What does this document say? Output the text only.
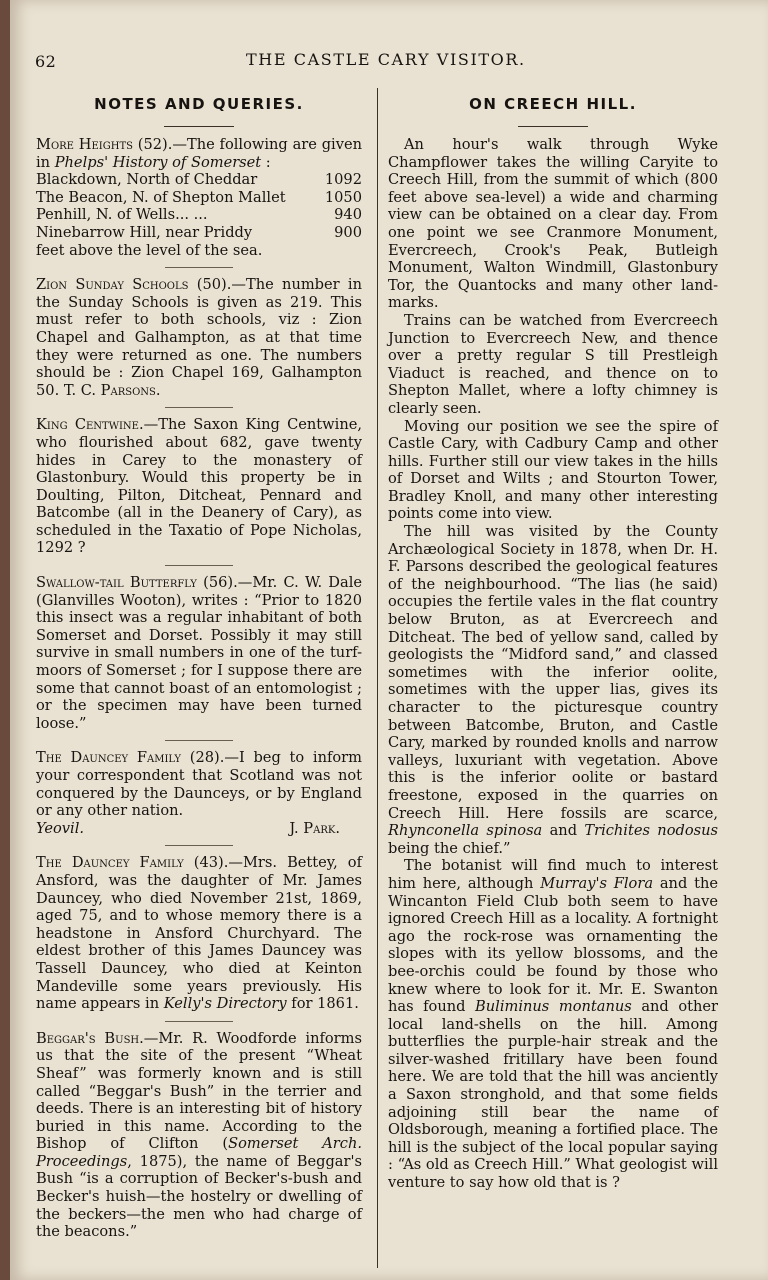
62	THE CASTLE CARY VISITOR.
NOTES AND QUERIES.

More Heights (52).—The following are given in Phelps' History of Somerset :

Blackdown, North of Cheddar	1092
The Beacon, N. of Shepton Mallet	1050
Penhill, N. of Wells... ...	940
Ninebarrow Hill, near Priddy	900

feet above the level of the sea.

Zion Sunday Schools (50).—The number in the Sunday Schools is given as 219. This must refer to both schools, viz : Zion Chapel and Galhampton, as at that time they were returned as one. The numbers should be : Zion Chapel 169, Galhampton 50. T. C. Parsons.

King Centwine.—The Saxon King Centwine, who flourished about 682, gave twenty hides in Carey to the monastery of Glastonbury. Would this property be in Doulting, Pilton, Ditcheat, Pennard and Batcombe (all in the Deanery of Cary), as scheduled in the Taxatio of Pope Nicholas, 1292 ?

Swallow-tail Butterfly (56).—Mr. C. W. Dale (Glanvilles Wooton), writes : “Prior to 1820 this insect was a regular inhabitant of both Somerset and Dorset. Possibly it may still survive in small numbers in one of the turf-moors of Somerset ; for I suppose there are some that cannot boast of an entomologist ; or the specimen may have been turned loose.”

The Dauncey Family (28).—I beg to inform your correspondent that Scotland was not conquered by the Daunceys, or by England or any other nation.

Yeovil.	J. Park.

The Dauncey Family (43).—Mrs. Bettey, of Ansford, was the daughter of Mr. James Dauncey, who died November 21st, 1869, aged 75, and to whose memory there is a headstone in Ansford Churchyard. The eldest brother of this James Dauncey was Tassell Dauncey, who died at Keinton Mandeville some years previously. His name appears in Kelly's Directory for 1861.

Beggar's Bush.—Mr. R. Woodforde informs us that the site of the present “Wheat Sheaf” was formerly known and is still called “Beggar's Bush” in the terrier and deeds. There is an interesting bit of history buried in this name. According to the Bishop of Clifton (Somerset Arch. Proceedings, 1875), the name of Beggar's Bush “is a corruption of Becker's-bush and Becker's huish—the hostelry or dwelling of the beckers—the men who had charge of the beacons.”

ON CREECH HILL.

An hour's walk through Wyke Champflower takes the willing Caryite to Creech Hill, from the summit of which (800 feet above sea-level) a wide and charming view can be obtained on a clear day. From one point we see Cranmore Monument, Evercreech, Crook's Peak, Butleigh Monument, Walton Windmill, Glastonbury Tor, the Quantocks and many other land-marks.

Trains can be watched from Evercreech Junction to Evercreech New, and thence over a pretty regular S till Prestleigh Viaduct is reached, and thence on to Shepton Mallet, where a lofty chimney is clearly seen.

Moving our position we see the spire of Castle Cary, with Cadbury Camp and other hills. Further still our view takes in the hills of Dorset and Wilts ; and Stourton Tower, Bradley Knoll, and many other interesting points come into view.

The hill was visited by the County Archæological Society in 1878, when Dr. H. F. Parsons described the geological features of the neighbourhood. “The lias (he said) occupies the fertile vales in the flat country below Bruton, as at Evercreech and Ditcheat. The bed of yellow sand, called by geologists the “Midford sand,” and classed sometimes with the inferior oolite, sometimes with the upper lias, gives its character to the picturesque country between Batcombe, Bruton, and Castle Cary, marked by rounded knolls and narrow valleys, luxuriant with vegetation. Above this is the inferior oolite or bastard freestone, exposed in the quarries on Creech Hill. Here fossils are scarce, Rhynconella spinosa and Trichites nodosus being the chief.”

The botanist will find much to interest him here, although Murray's Flora and the Wincanton Field Club both seem to have ignored Creech Hill as a locality. A fortnight ago the rock-rose was ornamenting the slopes with its yellow blossoms, and the bee-orchis could be found by those who knew where to look for it. Mr. E. Swanton has found Buliminus montanus and other local land-shells on the hill. Among butterflies the purple-hair streak and the silver-washed fritillary have been found here. We are told that the hill was anciently a Saxon stronghold, and that some fields adjoining still bear the name of Oldsborough, meaning a fortified place. The hill is the subject of the local popular saying : “As old as Creech Hill.” What geologist will venture to say how old that is ?
